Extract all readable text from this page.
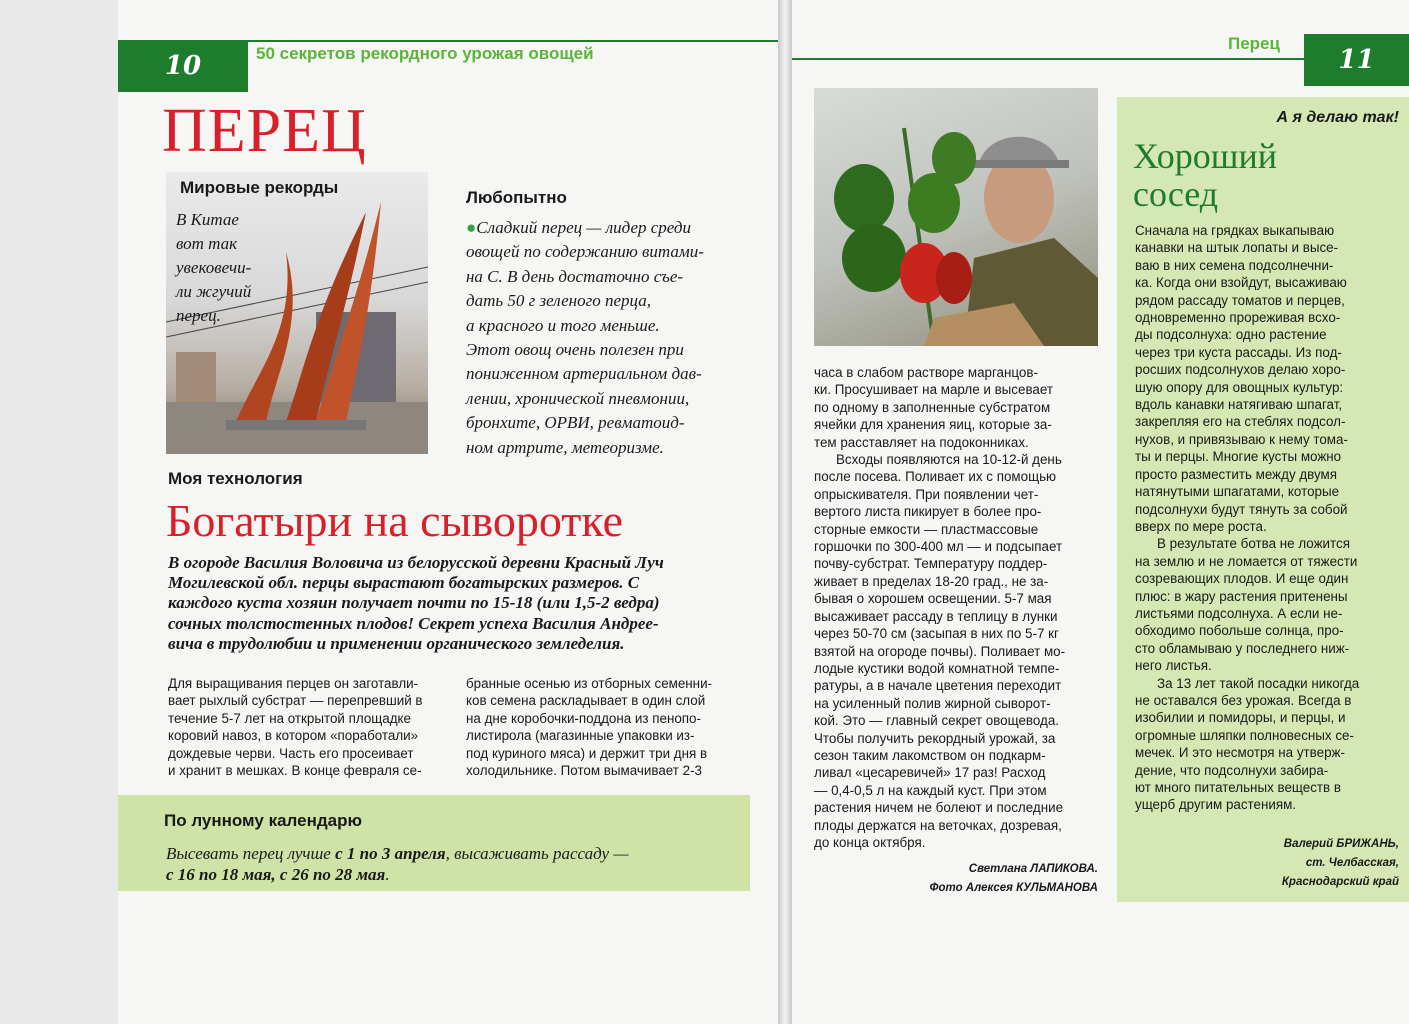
10	50 секретов рекордного урожая овощей
ПЕРЕЦ
Мировые рекорды
В Китае
вот так
увековечи-
ли жгучий
перец.
Любопытно
●Сладкий перец — лидер среди
овощей по содержанию витами-
на С. В день достаточно съе-
дать 50 г зеленого перца,
а красного и того меньше.
Этот овощ очень полезен при
пониженном артериальном дав-
лении, хронической пневмонии,
бронхите, ОРВИ, ревматоид-
ном артрите, метеоризме.
Моя технология
Богатыри на сыворотке
В огороде Василия Воловича из белорусской деревни Красный Луч
Могилевской обл. перцы вырастают богатырских размеров. С
каждого куста хозяин получает почти по 15-18 (или 1,5-2 ведра)
сочных толстостенных плодов! Секрет успеха Василия Андрее-
вича в трудолюбии и применении органического земледелия.
Для выращивания перцев он заготавли-
вает рыхлый субстрат — перепревший в
течение 5-7 лет на открытой площадке
коровий навоз, в котором «поработали»
дождевые черви. Часть его просеивает
и хранит в мешках. В конце февраля се-
бранные осенью из отборных семенни-
ков семена раскладывает в один слой
на дне коробочки-поддона из пенопо-
листирола (магазинные упаковки из-
под куриного мяса) и держит три дня в
холодильнике. Потом вымачивает 2-3
По лунному календарю
Высевать перец лучше с 1 по 3 апреля, высаживать рассаду —
с 16 по 18 мая, с 26 по 28 мая.
Перец
11
часа в слабом растворе марганцов-
ки. Просушивает на марле и высевает
по одному в заполненные субстратом
ячейки для хранения яиц, которые за-
тем расставляет на подоконниках.
Всходы появляются на 10-12-й день
после посева. Поливает их с помощью
опрыскивателя. При появлении чет-
вертого листа пикирует в более про-
сторные емкости — пластмассовые
горшочки по 300-400 мл — и подсыпает
почву-субстрат. Температуру поддер-
живает в пределах 18-20 град., не за-
бывая о хорошем освещении. 5-7 мая
высаживает рассаду в теплицу в лунки
через 50-70 см (засыпая в них по 5-7 кг
взятой на огороде почвы). Поливает мо-
лодые кустики водой комнатной темпе-
ратуры, а в начале цветения переходит
на усиленный полив жирной сыворот-
кой. Это — главный секрет овощевода.
Чтобы получить рекордный урожай, за
сезон таким лакомством он подкарм-
ливал «цесаревичей» 17 раз! Расход
— 0,4-0,5 л на каждый куст. При этом
растения ничем не болеют и последние
плоды держатся на веточках, дозревая,
до конца октября.
Светлана ЛАПИКОВА.
Фото Алексея КУЛЬМАНОВА
А я делаю так!
Хороший
сосед
Сначала на грядках выкапываю
канавки на штык лопаты и высе-
ваю в них семена подсолнечни-
ка. Когда они взойдут, высаживаю
рядом рассаду томатов и перцев,
одновременно прореживая всхо-
ды подсолнуха: одно растение
через три куста рассады. Из под-
росших подсолнухов делаю хоро-
шую опору для овощных культур:
вдоль канавки натягиваю шпагат,
закрепляя его на стеблях подсол-
нухов, и привязываю к нему тома-
ты и перцы. Многие кусты можно
просто разместить между двумя
натянутыми шпагатами, которые
подсолнухи будут тянуть за собой
вверх по мере роста.
В результате ботва не ложится
на землю и не ломается от тяжести
созревающих плодов. И еще один
плюс: в жару растения притенены
листьями подсолнуха. А если не-
обходимо побольше солнца, про-
сто обламываю у последнего ниж-
него листья.
За 13 лет такой посадки никогда
не оставался без урожая. Всегда в
изобилии и помидоры, и перцы, и
огромные шляпки полновесных се-
мечек. И это несмотря на утверж-
дение, что подсолнухи забира-
ют много питательных веществ в
ущерб другим растениям.
Валерий БРИЖАНЬ,
ст. Челбасская,
Краснодарский край
